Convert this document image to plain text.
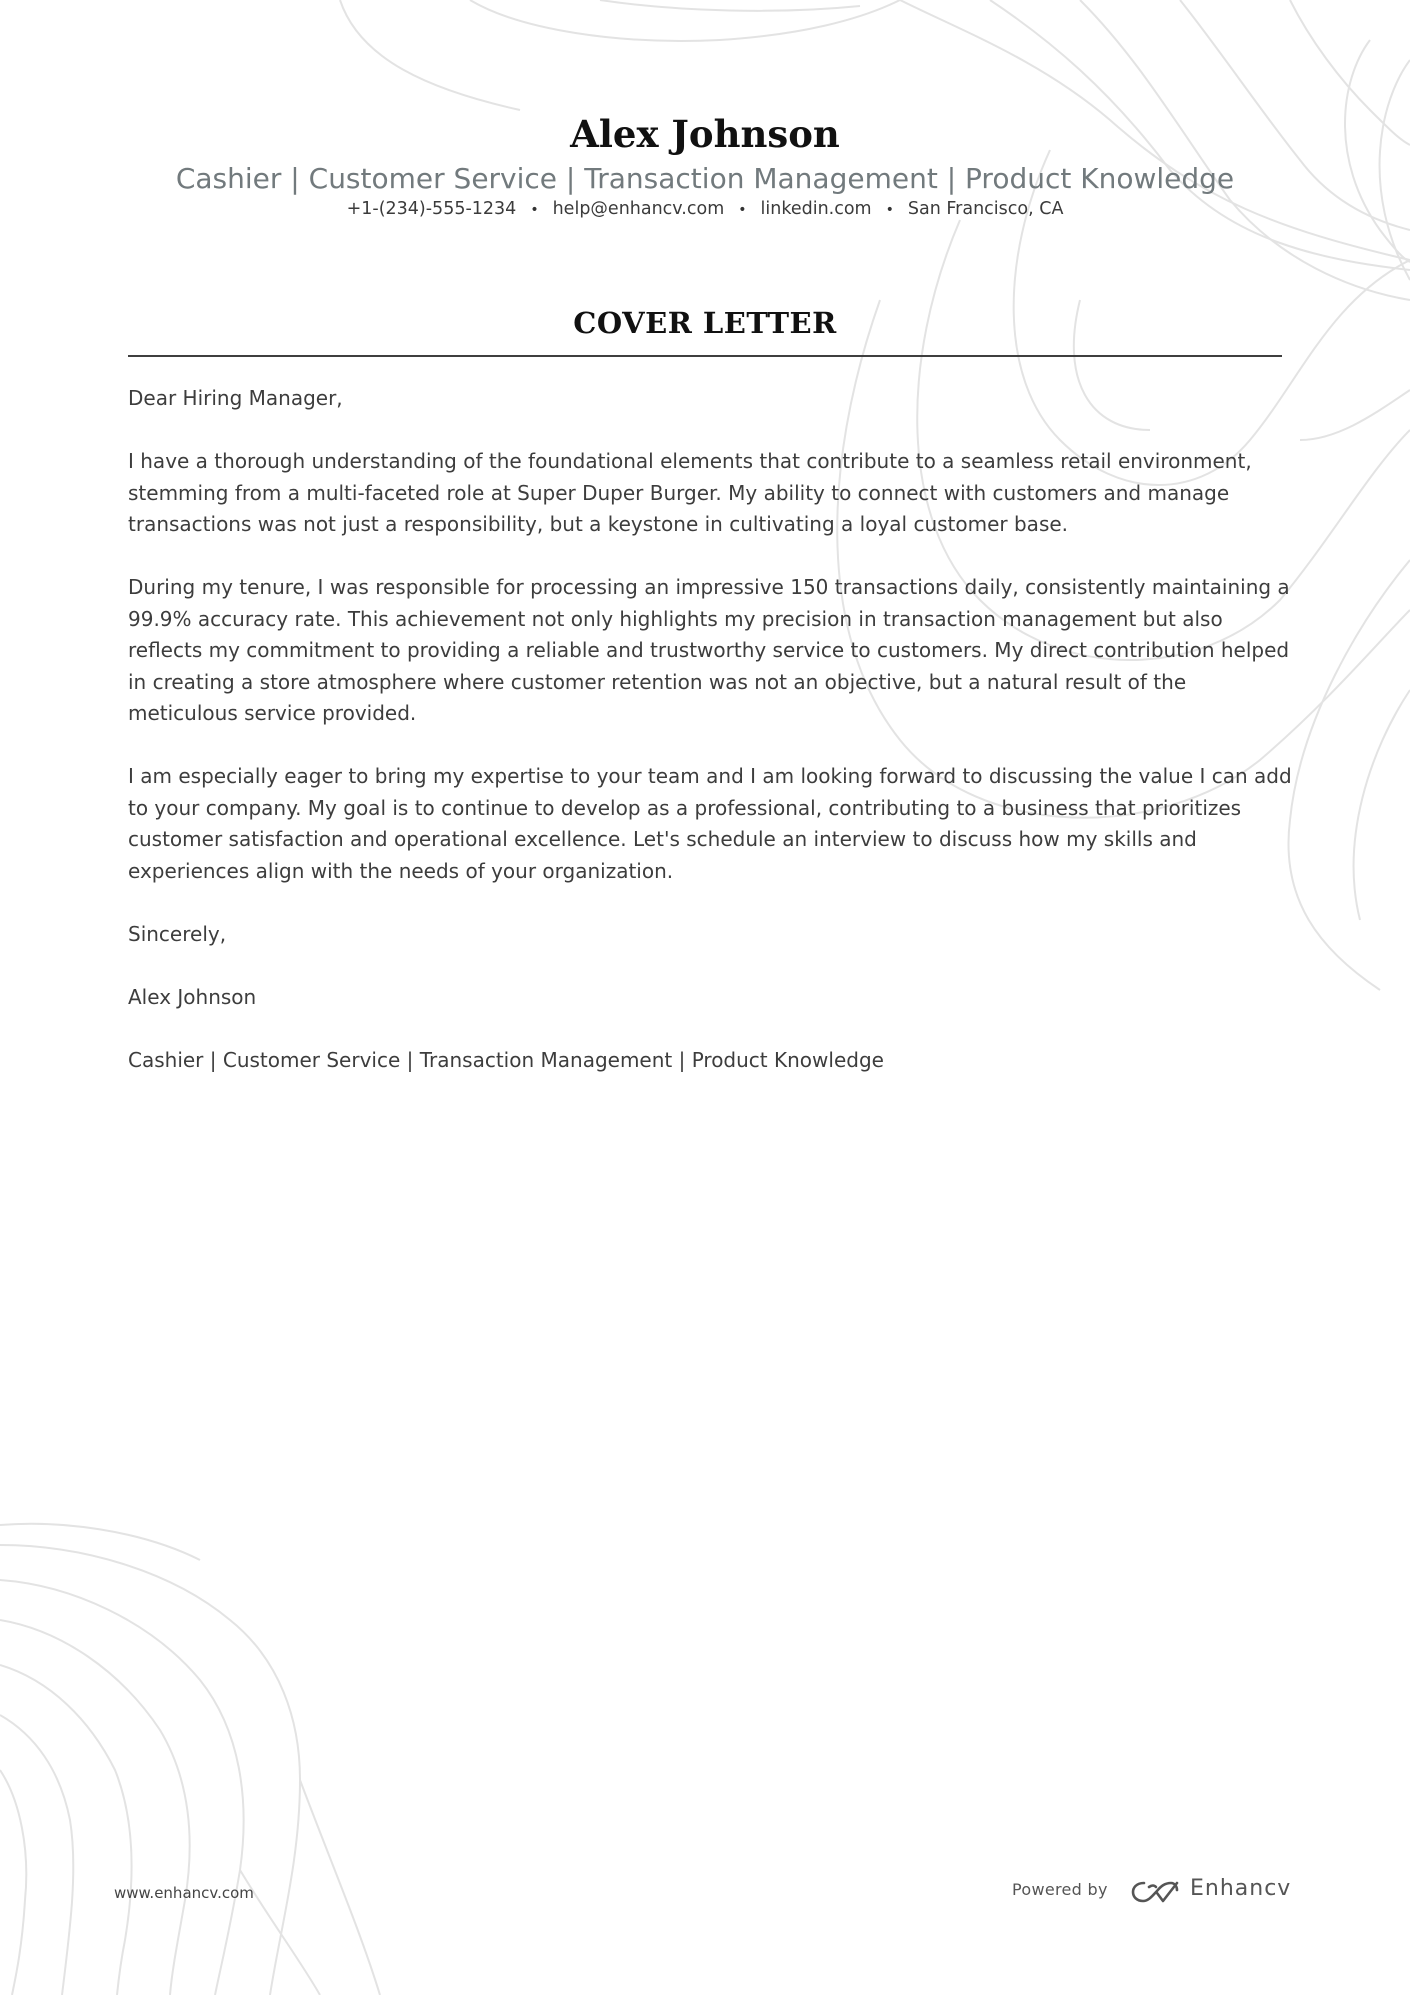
Alex Johnson
Cashier | Customer Service | Transaction Management | Product Knowledge
+1-(234)-555-1234 • help@enhancv.com • linkedin.com • San Francisco, CA
COVER LETTER

Dear Hiring Manager,

I have a thorough understanding of the foundational elements that contribute to a seamless retail environment, stemming from a multi-faceted role at Super Duper Burger. My ability to connect with customers and manage transactions was not just a responsibility, but a keystone in cultivating a loyal customer base.

During my tenure, I was responsible for processing an impressive 150 transactions daily, consistently maintaining a 99.9% accuracy rate. This achievement not only highlights my precision in transaction management but also reflects my commitment to providing a reliable and trustworthy service to customers. My direct contribution helped in creating a store atmosphere where customer retention was not an objective, but a natural result of the meticulous service provided.

I am especially eager to bring my expertise to your team and I am looking forward to discussing the value I can add to your company. My goal is to continue to develop as a professional, contributing to a business that prioritizes customer satisfaction and operational excellence. Let's schedule an interview to discuss how my skills and experiences align with the needs of your organization.

Sincerely,

Alex Johnson

Cashier | Customer Service | Transaction Management | Product Knowledge

www.enhancv.com	Powered by	Enhancv
